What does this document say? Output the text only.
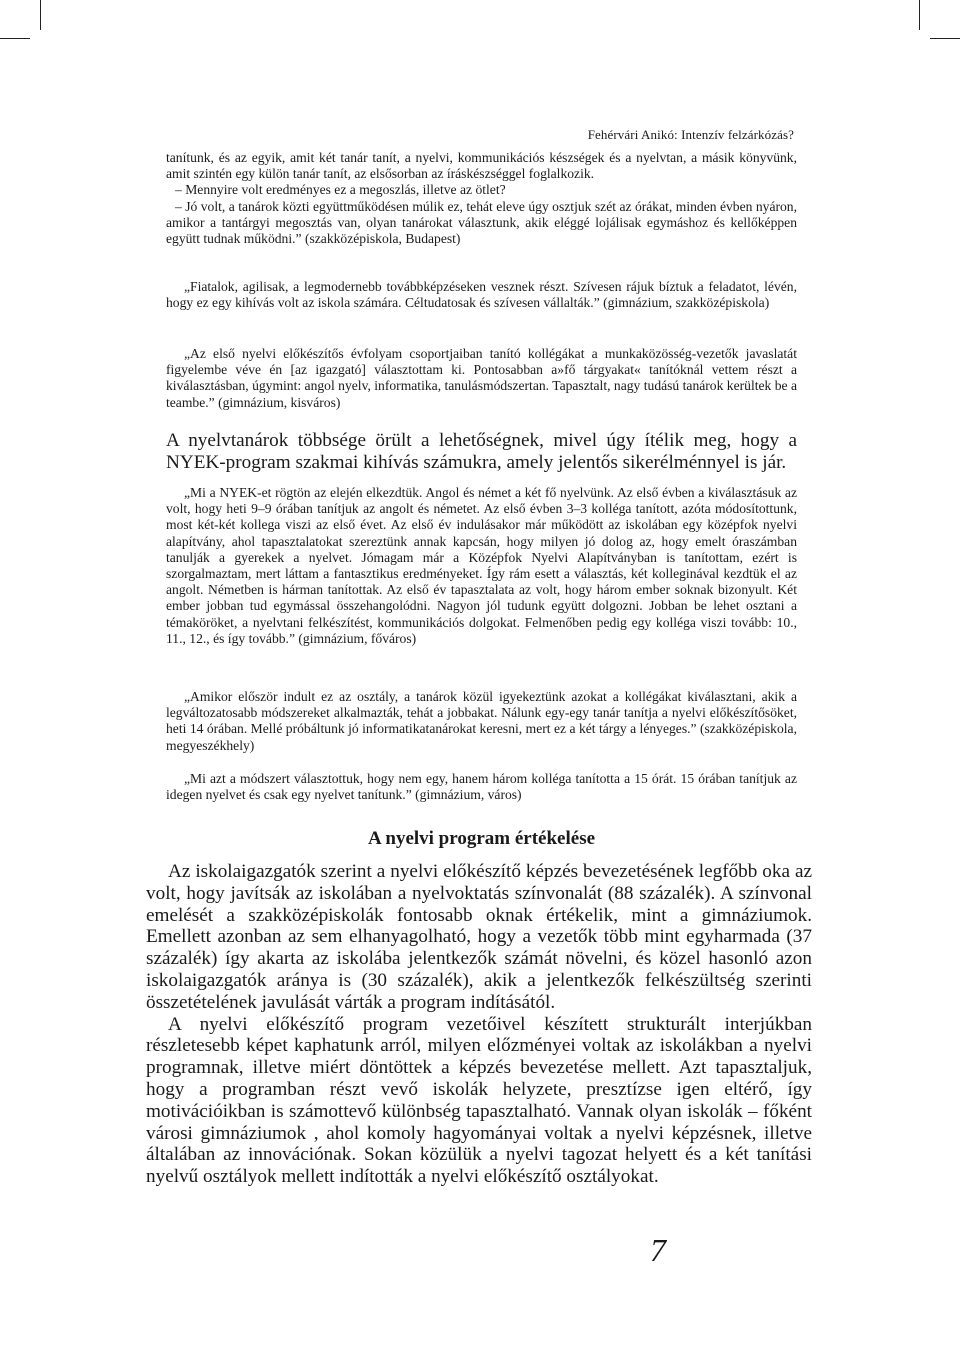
Fehérvári Anikó: Intenzív felzárkózás?

tanítunk, és az egyik, amit két tanár tanít, a nyelvi, kommunikációs készségek és a nyelvtan, a másik könyvünk, amit szintén egy külön tanár tanít, az elsősorban az íráskészséggel foglalkozik.

– Mennyire volt eredményes ez a megoszlás, illetve az ötlet?

– Jó volt, a tanárok közti együttműködésen múlik ez, tehát eleve úgy osztjuk szét az órákat, minden évben nyáron, amikor a tantárgyi megosztás van, olyan tanárokat választunk, akik eléggé lojálisak egymáshoz és kellőképpen együtt tudnak működni.” (szakközépiskola, Budapest)

„Fiatalok, agilisak, a legmodernebb továbbképzéseken vesznek részt. Szívesen rájuk bíztuk a feladatot, lévén, hogy ez egy kihívás volt az iskola számára. Céltudatosak és szívesen vállalták.” (gimnázium, szakközépiskola)

„Az első nyelvi előkészítős évfolyam csoportjaiban tanító kollégákat a munkaközösség-vezetők javaslatát figyelembe véve én [az igazgató] választottam ki. Pontosabban a»fő tárgyakat« tanítóknál vettem részt a kiválasztásban, úgymint: angol nyelv, informatika, tanulásmódszertan. Tapasztalt, nagy tudású tanárok kerültek be a teambe.” (gimnázium, kisváros)

A nyelvtanárok többsége örült a lehetőségnek, mivel úgy ítélik meg, hogy a NYEK-program szakmai kihívás számukra, amely jelentős sikerélménnyel is jár.

„Mi a NYEK-et rögtön az elején elkezdtük. Angol és német a két fő nyelvünk. Az első évben a kiválasztásuk az volt, hogy heti 9–9 órában tanítjuk az angolt és németet. Az első évben 3–3 kolléga tanított, azóta módosítottunk, most két-két kollega viszi az első évet. Az első év indulásakor már működött az iskolában egy középfok nyelvi alapítvány, ahol tapasztalatokat szereztünk annak kapcsán, hogy milyen jó dolog az, hogy emelt óraszámban tanulják a gyerekek a nyelvet. Jómagam már a Középfok Nyelvi Alapítványban is tanítottam, ezért is szorgalmaztam, mert láttam a fantasztikus eredményeket. Így rám esett a választás, két kolleginával kezdtük el az angolt. Németben is hárman tanítottak. Az első év tapasztalata az volt, hogy három ember soknak bizonyult. Két ember jobban tud egymással összehangolódni. Nagyon jól tudunk együtt dolgozni. Jobban be lehet osztani a témaköröket, a nyelvtani felkészítést, kommunikációs dolgokat. Felmenőben pedig egy kolléga viszi tovább: 10., 11., 12., és így tovább.” (gimnázium, főváros)

„Amikor először indult ez az osztály, a tanárok közül igyekeztünk azokat a kollégákat kiválasztani, akik a legváltozatosabb módszereket alkalmazták, tehát a jobbakat. Nálunk egy-egy tanár tanítja a nyelvi előkészítősöket, heti 14 órában. Mellé próbáltunk jó informatikatanárokat keresni, mert ez a két tárgy a lényeges.” (szakközépiskola, megyeszékhely)

„Mi azt a módszert választottuk, hogy nem egy, hanem három kolléga tanította a 15 órát. 15 órában tanítjuk az idegen nyelvet és csak egy nyelvet tanítunk.” (gimnázium, város)

A nyelvi program értékelése

Az iskolaigazgatók szerint a nyelvi előkészítő képzés bevezetésének legfőbb oka az volt, hogy javítsák az iskolában a nyelvoktatás színvonalát (88 százalék). A színvonal emelését a szakközépiskolák fontosabb oknak értékelik, mint a gimnáziumok. Emellett azonban az sem elhanyagolható, hogy a vezetők több mint egyharmada (37 százalék) így akarta az iskolába jelentkezők számát növelni, és közel hasonló azon iskolaigazgatók aránya is (30 százalék), akik a jelentkezők felkészültség szerinti összetételének javulását várták a program indításától.

A nyelvi előkészítő program vezetőivel készített strukturált interjúkban részletesebb képet kaphatunk arról, milyen előzményei voltak az iskolákban a nyelvi programnak, illetve miért döntöttek a képzés bevezetése mellett. Azt tapasztaljuk, hogy a programban részt vevő iskolák helyzete, presztízse igen eltérő, így motivációikban is számottevő különbség tapasztalható. Vannak olyan iskolák – főként városi gimnáziumok , ahol komoly hagyományai voltak a nyelvi képzésnek, illetve általában az innovációnak. Sokan közülük a nyelvi tagozat helyett és a két tanítási nyelvű osztályok mellett indították a nyelvi előkészítő osztályokat.

7
